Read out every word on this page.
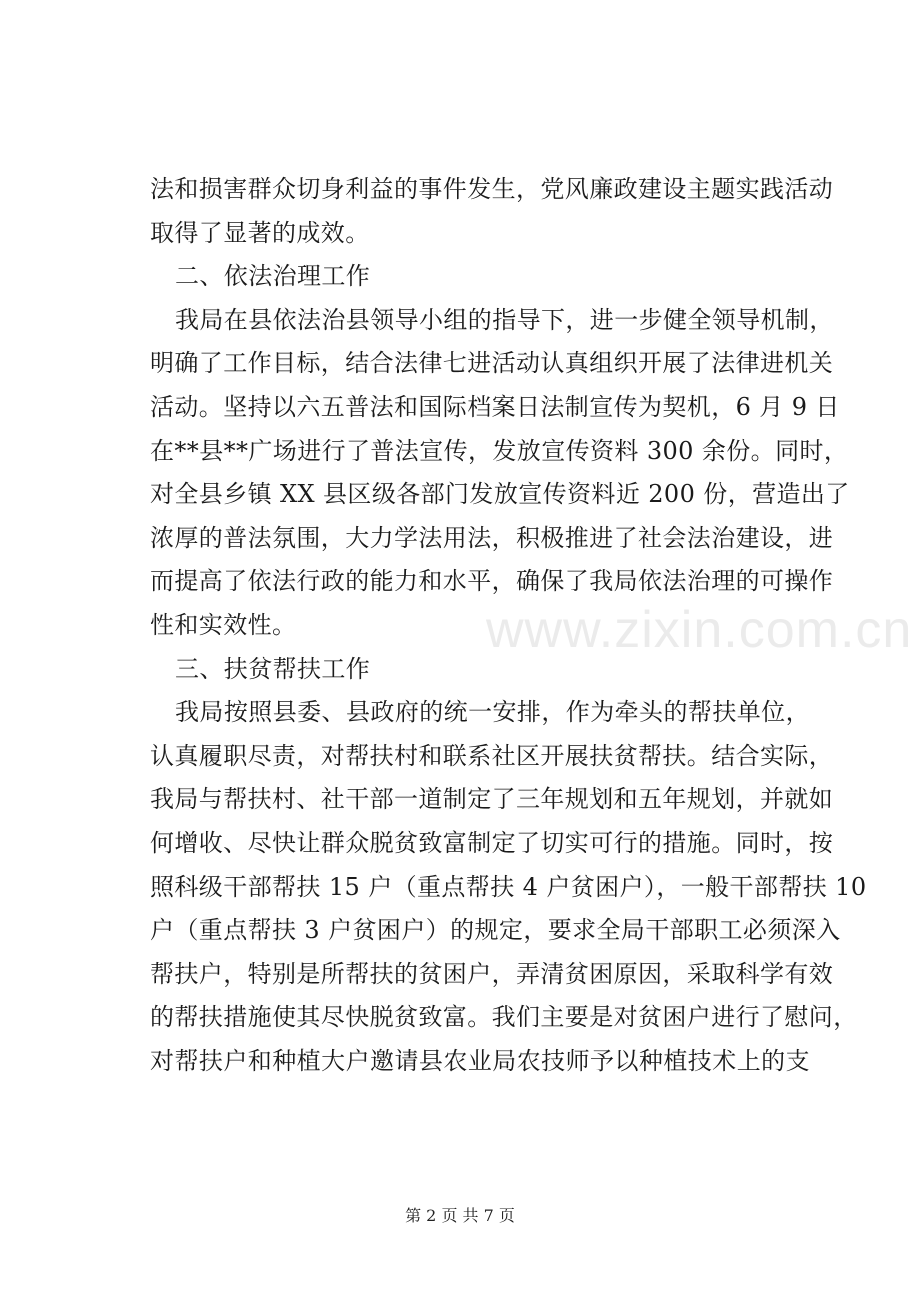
www.zixin.com.cn
法和损害群众切身利益的事件发生，党风廉政建设主题实践活动
取得了显著的成效。
二、依法治理工作
我局在县依法治县领导小组的指导下，进一步健全领导机制，
明确了工作目标，结合法律七进活动认真组织开展了法律进机关
活动。坚持以六五普法和国际档案日法制宣传为契机，6 月 9 日
在**县**广场进行了普法宣传，发放宣传资料 300 余份。同时，
对全县乡镇 XX 县区级各部门发放宣传资料近 200 份，营造出了
浓厚的普法氛围，大力学法用法，积极推进了社会法治建设，进
而提高了依法行政的能力和水平，确保了我局依法治理的可操作
性和实效性。
三、扶贫帮扶工作
我局按照县委、县政府的统一安排，作为牵头的帮扶单位，
认真履职尽责，对帮扶村和联系社区开展扶贫帮扶。结合实际，
我局与帮扶村、社干部一道制定了三年规划和五年规划，并就如
何增收、尽快让群众脱贫致富制定了切实可行的措施。同时，按
照科级干部帮扶 15 户（重点帮扶 4 户贫困户），一般干部帮扶 10
户（重点帮扶 3 户贫困户）的规定，要求全局干部职工必须深入
帮扶户，特别是所帮扶的贫困户，弄清贫困原因，采取科学有效
的帮扶措施使其尽快脱贫致富。我们主要是对贫困户进行了慰问，
对帮扶户和种植大户邀请县农业局农技师予以种植技术上的支
第 2 页 共 7 页
